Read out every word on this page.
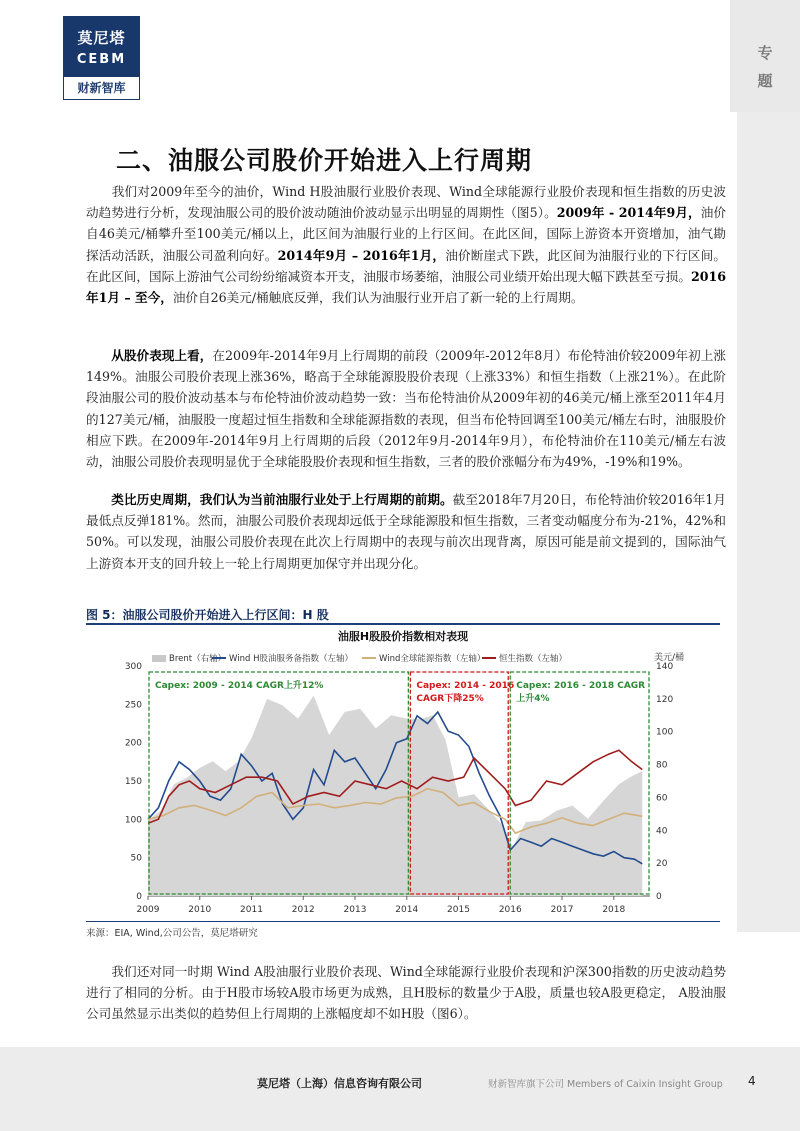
莫尼塔
CEBM
财新智库
专
题
二、油服公司股价开始进入上行周期

　　我们对2009年至今的油价，Wind H股油服行业股价表现、Wind全球能源行业股价表现和恒生指数的历史波动趋势进行分析，发现油服公司的股价波动随油价波动显示出明显的周期性（图5）。2009年 - 2014年9月，油价自46美元/桶攀升至100美元/桶以上，此区间为油服行业的上行区间。在此区间，国际上游资本开资增加，油气勘探活动活跃，油服公司盈利向好。2014年9月 – 2016年1月，油价断崖式下跌，此区间为油服行业的下行区间。在此区间，国际上游油气公司纷纷缩减资本开支，油服市场萎缩，油服公司业绩开始出现大幅下跌甚至亏损。2016年1月 – 至今，油价自26美元/桶触底反弹，我们认为油服行业开启了新一轮的上行周期。

　　从股价表现上看，在2009年-2014年9月上行周期的前段（2009年-2012年8月）布伦特油价较2009年初上涨149%。油服公司股价表现上涨36%，略高于全球能源股股价表现（上涨33%）和恒生指数（上涨21%）。在此阶段油服公司的股价波动基本与布伦特油价波动趋势一致：当布伦特油价从2009年初的46美元/桶上涨至2011年4月的127美元/桶，油服股一度超过恒生指数和全球能源指数的表现，但当布伦特回调至100美元/桶左右时，油服股价相应下跌。在2009年-2014年9月上行周期的后段（2012年9月-2014年9月），布伦特油价在110美元/桶左右波动，油服公司股价表现明显优于全球能股股价表现和恒生指数，三者的股价涨幅分布为49%，-19%和19%。

　　类比历史周期，我们认为当前油服行业处于上行周期的前期。截至2018年7月20日，布伦特油价较2016年1月最低点反弹181%。然而，油服公司股价表现却远低于全球能源股和恒生指数，三者变动幅度分布为-21%，42%和50%。可以发现，油服公司股价表现在此次上行周期中的表现与前次出现背离，原因可能是前文提到的，国际油气上游资本开支的回升较上一轮上行周期更加保守并出现分化。

图 5：油服公司股价开始进入上行区间：H 股
油服H股股价指数相对表现
美元/桶
0
50
100
150
200
250
300
0
20
40
60
80
100
120
140
2009	2010	2011	2012	2013	2014	2015	2016	2017	2018
Capex: 2009 - 2014 CAGR上升12%	Capex: 2014 - 2016
CAGR下降25%
Capex: 2016 - 2018 CAGR
上升4%
Brent（右轴） Wind H股油服务备指数（左轴）	Wind全球能源指数（左轴） 恒生指数（左轴）
来源：EIA, Wind,公司公告，莫尼塔研究

　　我们还对同一时期 Wind A股油服行业股价表现、Wind全球能源行业股价表现和沪深300指数的历史波动趋势进行了相同的分析。由于H股市场较A股市场更为成熟，且H股标的数量少于A股，质量也较A股更稳定， A股油服公司虽然显示出类似的趋势但上行周期的上涨幅度却不如H股（图6）。

莫尼塔（上海）信息咨询有限公司	财新智库旗下公司 Members of Caixin Insight Group 4
